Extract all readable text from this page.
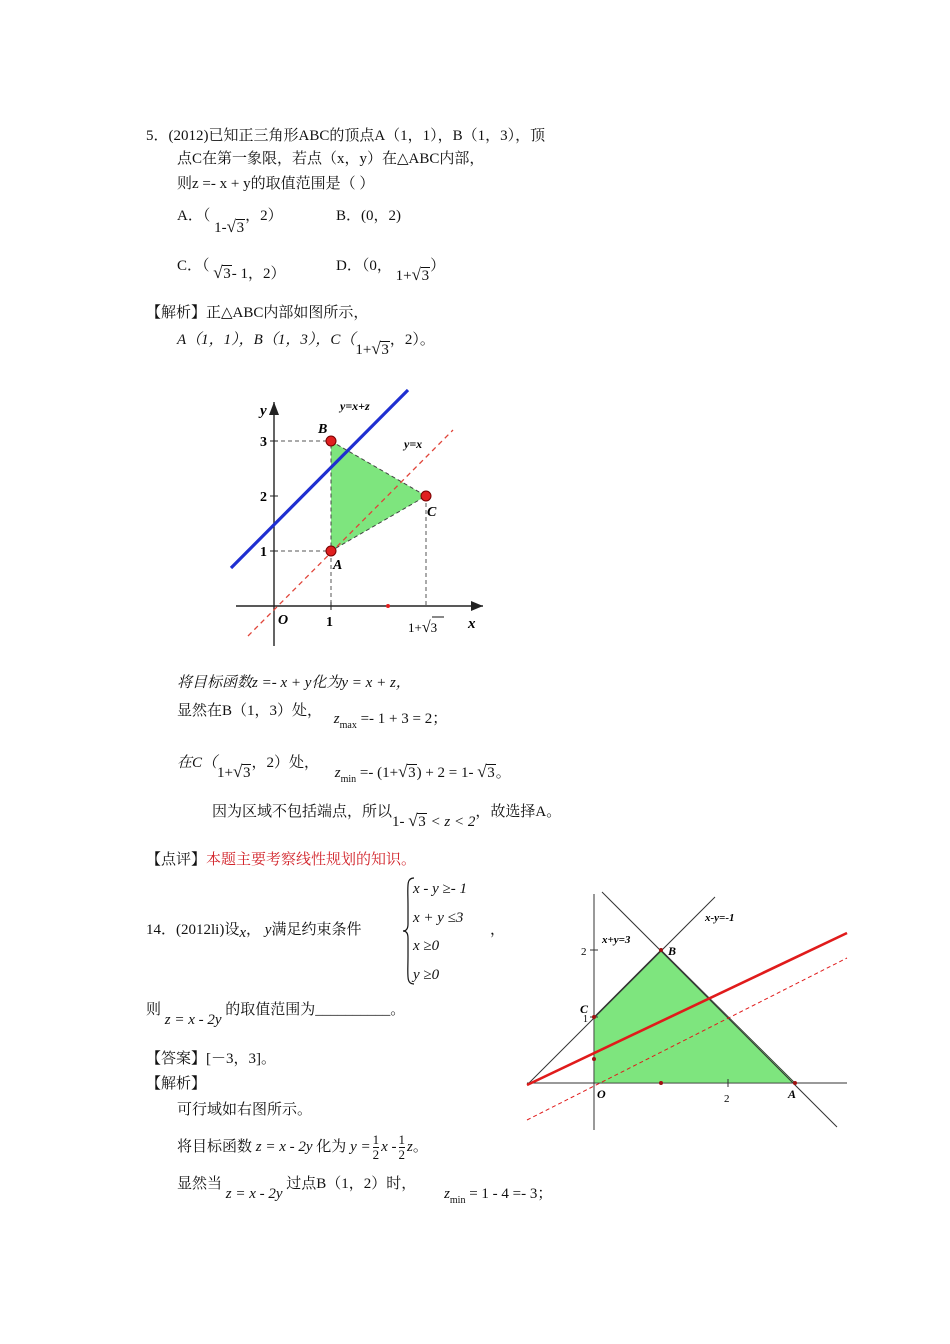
5．(2012)已知正三角形ABC的顶点A（1，1），B（1，3），顶
点C在第一象限，若点（x，y）在△ABC内部，
则z =- x + y的取值范围是（ ）
A．（ 1-√ 3，2）	B．(0，2)
C．（ √ 3- 1，2）	D．（0， 1+√ 3）
【解析】正△ABC内部如图所示，
A（1，1），B（1，3），C（1+√ 3，2）。
y
x
O
3
2
1
1	1+√3
B
A
C
y=x+z
y=x
将目标函数z =- x + y化为y = x + z，
显然在B（1，3）处， $z_{max} =- 1 + 3 = 2$；
在C（1+√ 3，2）处， $z_{min} =- (1+√$ 3) + 2 = 1- √ 3。
因为区域不包括端点，所以1- √ 3 < z < 2，故选择A。
【点评】本题主要考察线性规划的知识。
14．(2012li)设x， y满足约束条件
x - y ≥- 1
x + y ≤3
x ≥0
y ≥0
，
则 z = x - 2y 的取值范围为__________。
【答案】[－3，3]。
【解析】
可行域如右图所示。
将目标函数 z = x - 2y 化为 $y = \frac{1}{2}$ x - $\frac{1}{2}$ z。
显然当 z = x - 2y 过点B（1，2）时， $z_{min} = 1 - 4 =- 3$；
x+y=3
x-y=-1
B
C
O	A
2
1
2
